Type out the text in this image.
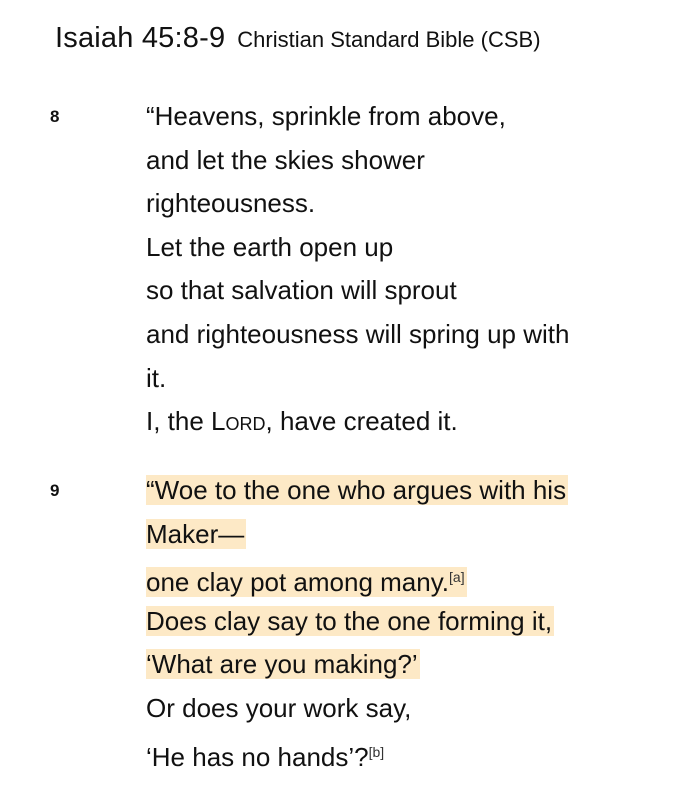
Isaiah 45:8-9 Christian Standard Bible (CSB)
8	“Heavens, sprinkle from above,
and let the skies shower
righteousness.
Let the earth open up
so that salvation will sprout
and righteousness will spring up with
it.
I, the Lord, have created it.
9	“Woe to the one who argues with his
Maker—
one clay pot among many.[a]
Does clay say to the one forming it,
‘What are you making?’
Or does your work say,
‘He has no hands’?[b]
